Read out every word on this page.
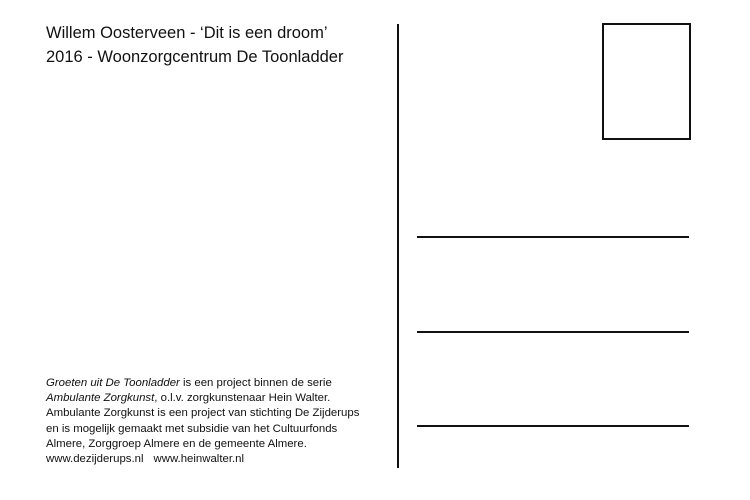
Willem Oosterveen - ‘Dit is een droom’
2016 - Woonzorgcentrum De Toonladder
Groeten uit De Toonladder is een project binnen de serie
Ambulante Zorgkunst, o.l.v. zorgkunstenaar Hein Walter.
Ambulante Zorgkunst is een project van stichting De Zijderups
en is mogelijk gemaakt met subsidie van het Cultuurfonds
Almere, Zorggroep Almere en de gemeente Almere.
www.dezijderups.nl www.heinwalter.nl
